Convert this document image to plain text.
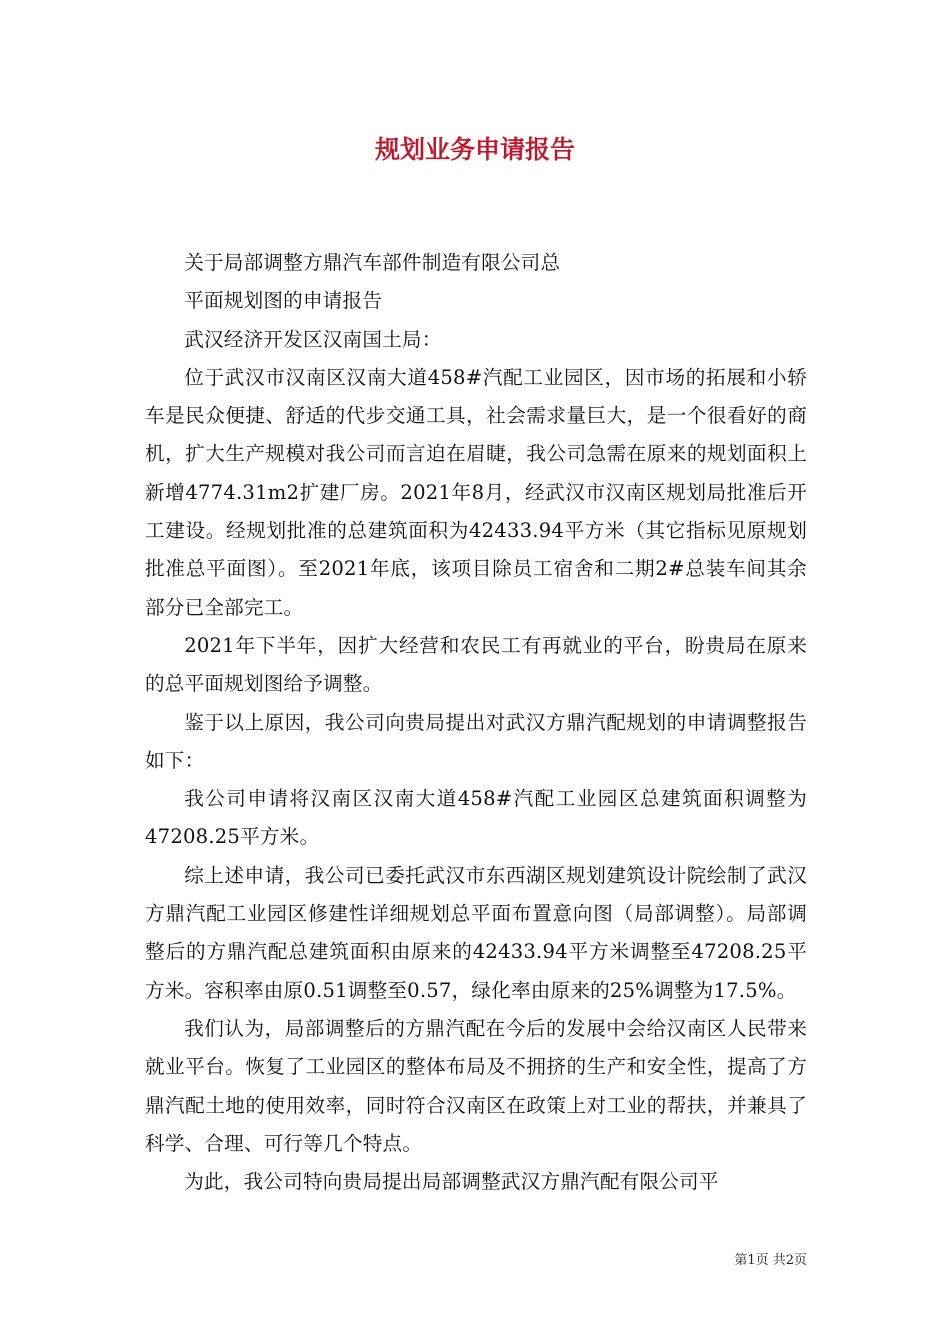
规划业务申请报告

关于局部调整方鼎汽车部件制造有限公司总

平面规划图的申请报告

武汉经济开发区汉南国土局：

位于武汉市汉南区汉南大道458#汽配工业园区，因市场的拓展和小轿车是民众便捷、舒适的代步交通工具，社会需求量巨大，是一个很看好的商机，扩大生产规模对我公司而言迫在眉睫，我公司急需在原来的规划面积上新增4774.31m2扩建厂房。2021年8月，经武汉市汉南区规划局批准后开工建设。经规划批准的总建筑面积为42433.94平方米（其它指标见原规划批准总平面图）。至2021年底，该项目除员工宿舍和二期2#总装车间其余部分已全部完工。

2021年下半年，因扩大经营和农民工有再就业的平台，盼贵局在原来的总平面规划图给予调整。

鉴于以上原因，我公司向贵局提出对武汉方鼎汽配规划的申请调整报告如下：

我公司申请将汉南区汉南大道458#汽配工业园区总建筑面积调整为47208.25平方米。

综上述申请，我公司已委托武汉市东西湖区规划建筑设计院绘制了武汉方鼎汽配工业园区修建性详细规划总平面布置意向图（局部调整）。局部调整后的方鼎汽配总建筑面积由原来的42433.94平方米调整至47208.25平方米。容积率由原0.51调整至0.57，绿化率由原来的25%调整为17.5%。

我们认为，局部调整后的方鼎汽配在今后的发展中会给汉南区人民带来就业平台。恢复了工业园区的整体布局及不拥挤的生产和安全性，提高了方鼎汽配土地的使用效率，同时符合汉南区在政策上对工业的帮扶，并兼具了科学、合理、可行等几个特点。

为此，我公司特向贵局提出局部调整武汉方鼎汽配有限公司平

第1页 共2页
